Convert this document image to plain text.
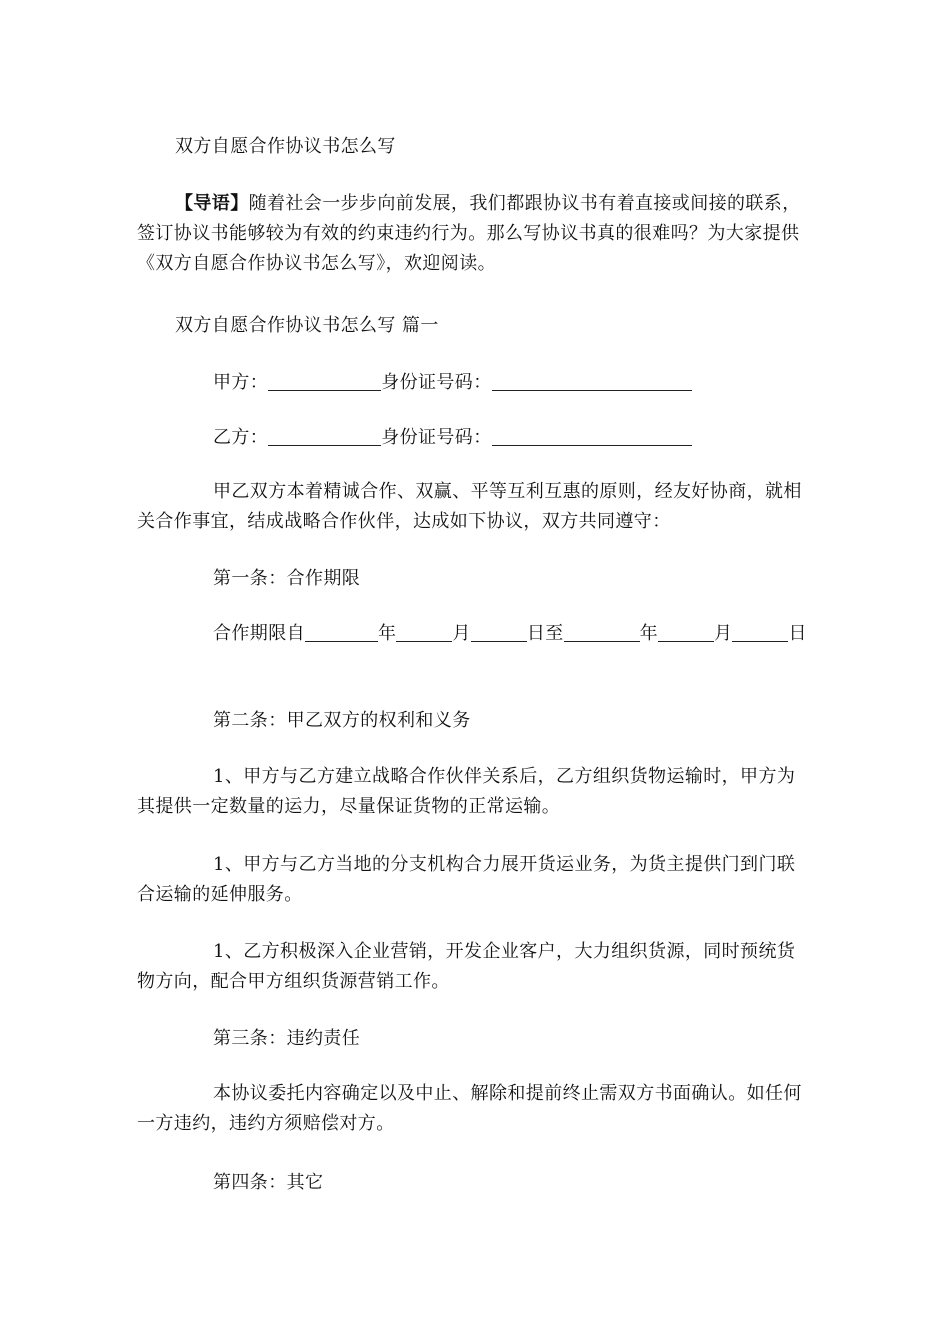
双方自愿合作协议书怎么写

【导语】随着社会一步步向前发展，我们都跟协议书有着直接或间接的联系，签订协议书能够较为有效的约束违约行为。那么写协议书真的很难吗？为大家提供《双方自愿合作协议书怎么写》，欢迎阅读。

双方自愿合作协议书怎么写 篇一

甲方：	身份证号码：

乙方：	身份证号码：

甲乙双方本着精诚合作、双赢、平等互利互惠的原则，经友好协商，就相关合作事宜，结成战略合作伙伴，达成如下协议，双方共同遵守：

第一条：合作期限

合作期限自	年	月	日至	年	月	日

第二条：甲乙双方的权利和义务

1、甲方与乙方建立战略合作伙伴关系后，乙方组织货物运输时，甲方为其提供一定数量的运力，尽量保证货物的正常运输。

1、甲方与乙方当地的分支机构合力展开货运业务，为货主提供门到门联合运输的延伸服务。

1、乙方积极深入企业营销，开发企业客户，大力组织货源，同时预统货物方向，配合甲方组织货源营销工作。

第三条：违约责任

本协议委托内容确定以及中止、解除和提前终止需双方书面确认。如任何一方违约，违约方须赔偿对方。

第四条：其它
